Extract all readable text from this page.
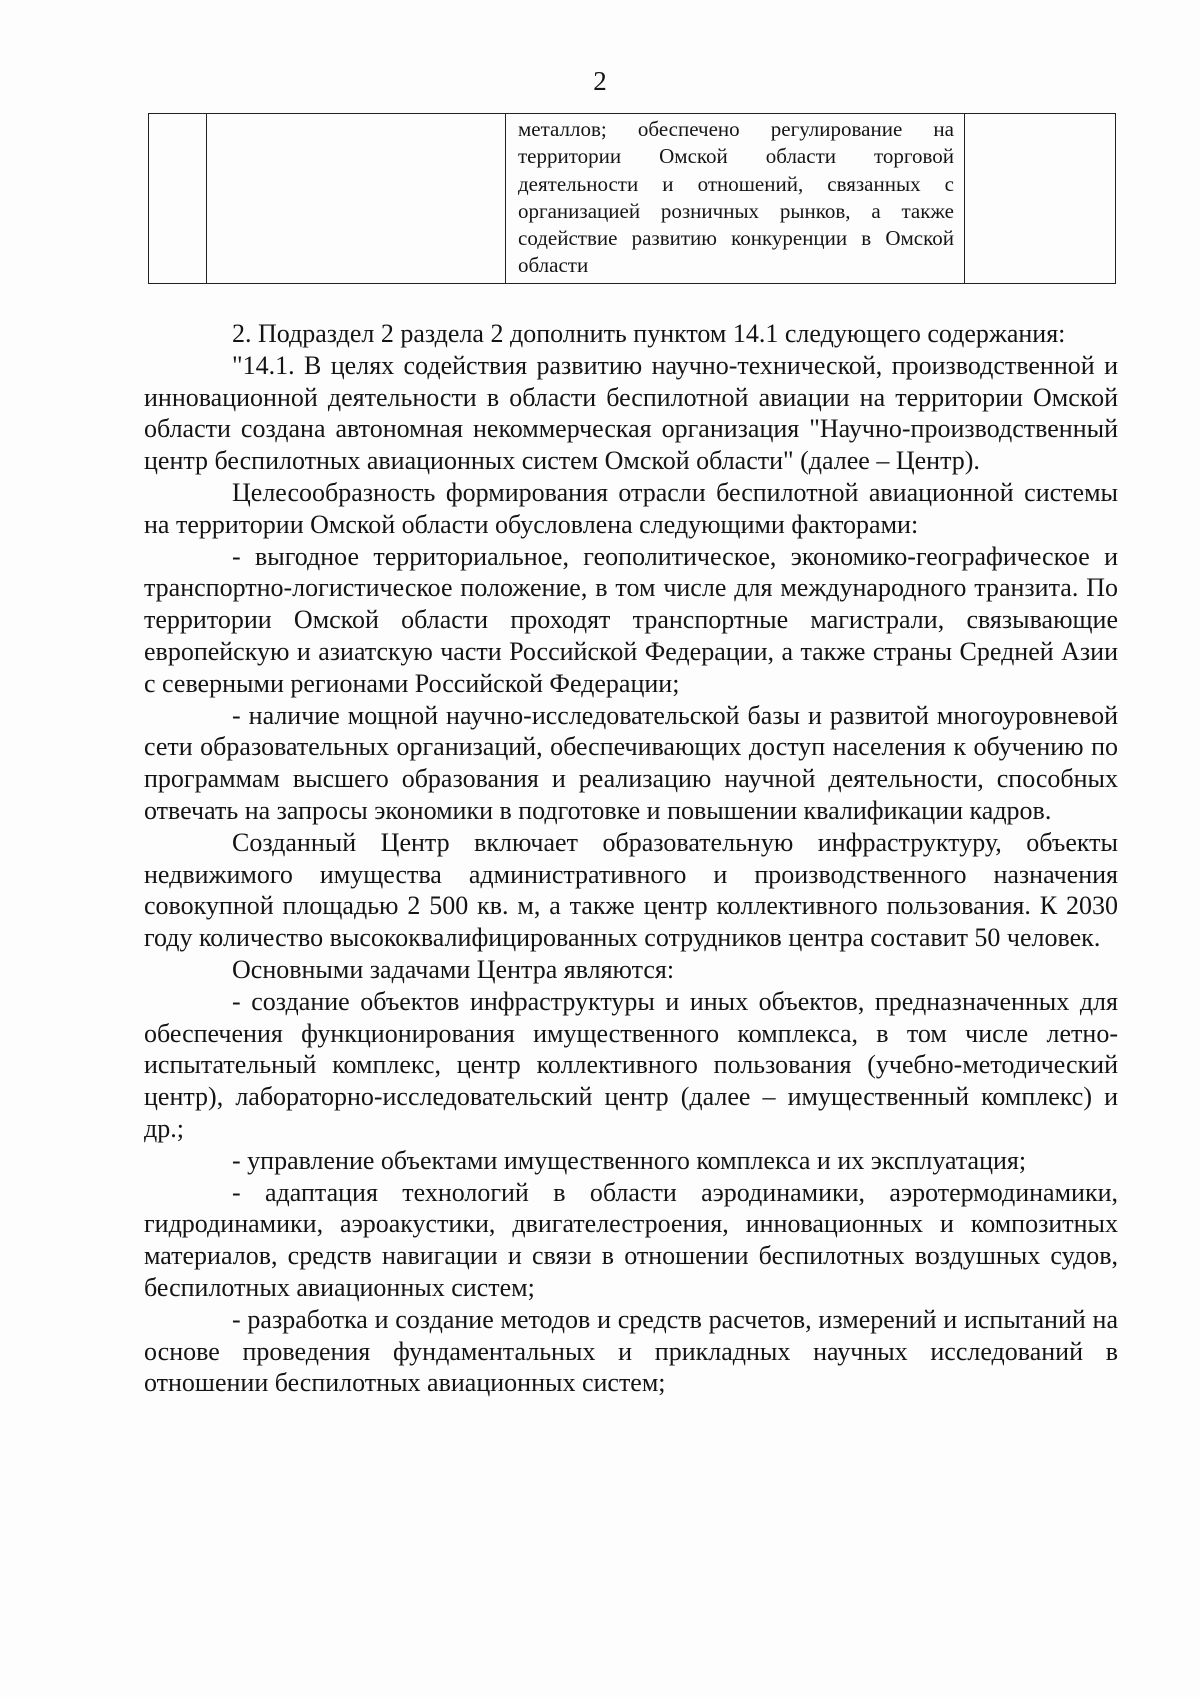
2

металлов; обеспечено регулирование на территории Омской области торговой деятельности и отношений, связанных с организацией розничных рынков, а также содействие развитию конкуренции в Омской области

2. Подраздел 2 раздела 2 дополнить пунктом 14.1 следующего содержания:

"14.1. В целях содействия развитию научно-технической, производственной и инновационной деятельности в области беспилотной авиации на территории Омской области создана автономная некоммерческая организация "Научно-производственный центр беспилотных авиационных систем Омской области" (далее – Центр).

Целесообразность формирования отрасли беспилотной авиационной системы на территории Омской области обусловлена следующими факторами:

- выгодное территориальное, геополитическое, экономико-географическое и транспортно-логистическое положение, в том числе для международного транзита. По территории Омской области проходят транспортные магистрали, связывающие европейскую и азиатскую части Российской Федерации, а также страны Средней Азии с северными регионами Российской Федерации;

- наличие мощной научно-исследовательской базы и развитой многоуровневой сети образовательных организаций, обеспечивающих доступ населения к обучению по программам высшего образования и реализацию научной деятельности, способных отвечать на запросы экономики в подготовке и повышении квалификации кадров.

Созданный Центр включает образовательную инфраструктуру, объекты недвижимого имущества административного и производственного назначения совокупной площадью 2 500 кв. м, а также центр коллективного пользования. К 2030 году количество высококвалифицированных сотрудников центра составит 50 человек.

Основными задачами Центра являются:

- создание объектов инфраструктуры и иных объектов, предназначенных для обеспечения функционирования имущественного комплекса, в том числе летно-испытательный комплекс, центр коллективного пользования (учебно-методический центр), лабораторно-исследовательский центр (далее – имущественный комплекс) и др.;

- управление объектами имущественного комплекса и их эксплуатация;

- адаптация технологий в области аэродинамики, аэротермодинамики, гидродинамики, аэроакустики, двигателестроения, инновационных и композитных материалов, средств навигации и связи в отношении беспилотных воздушных судов, беспилотных авиационных систем;

- разработка и создание методов и средств расчетов, измерений и испытаний на основе проведения фундаментальных и прикладных научных исследований в отношении беспилотных авиационных систем;
